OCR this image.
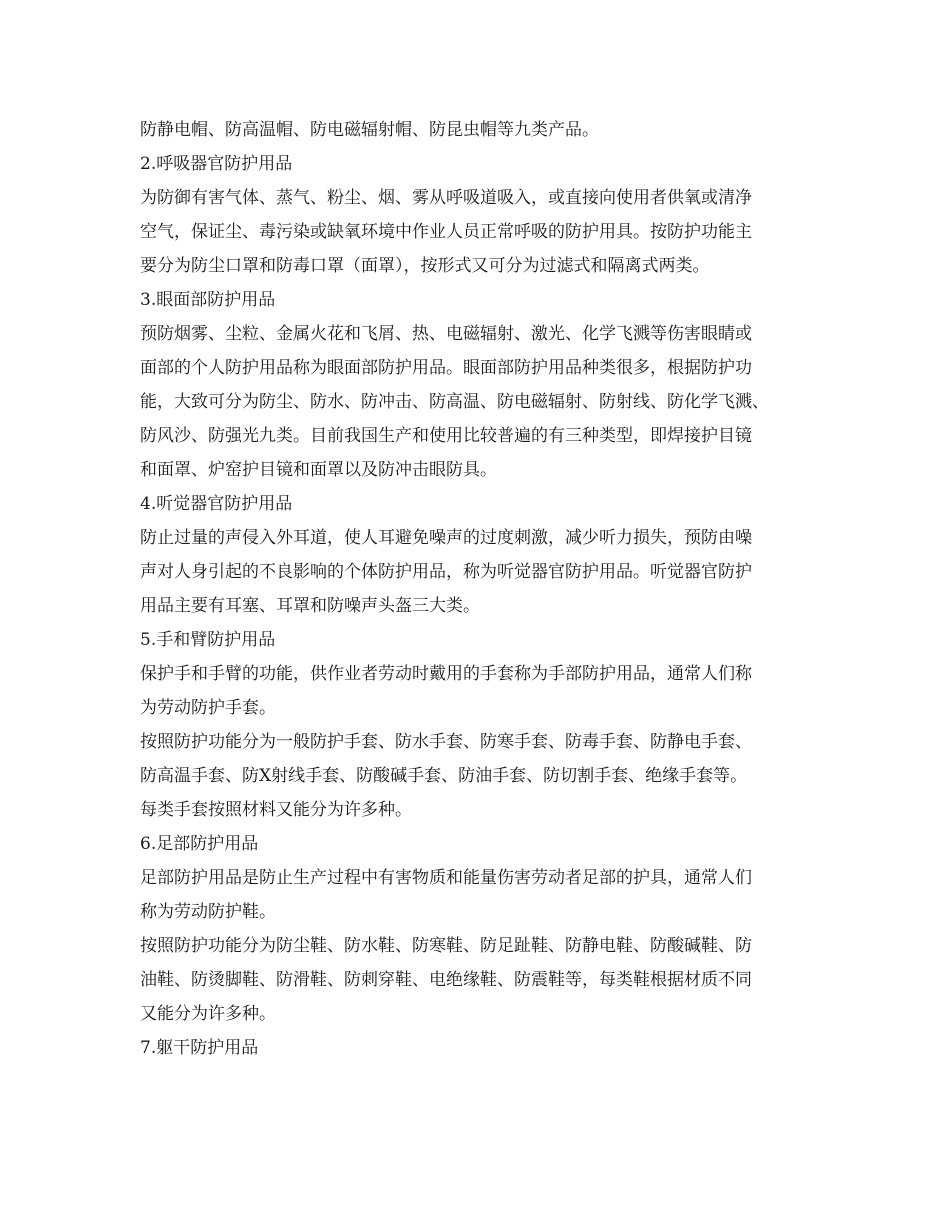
防静电帽、防高温帽、防电磁辐射帽、防昆虫帽等九类产品。
2.呼吸器官防护用品
为防御有害气体、蒸气、粉尘、烟、雾从呼吸道吸入，或直接向使用者供氧或清净
空气，保证尘、毒污染或缺氧环境中作业人员正常呼吸的防护用具。按防护功能主
要分为防尘口罩和防毒口罩（面罩），按形式又可分为过滤式和隔离式两类。
3.眼面部防护用品
预防烟雾、尘粒、金属火花和飞屑、热、电磁辐射、激光、化学飞溅等伤害眼睛或
面部的个人防护用品称为眼面部防护用品。眼面部防护用品种类很多，根据防护功
能，大致可分为防尘、防水、防冲击、防高温、防电磁辐射、防射线、防化学飞溅、
防风沙、防强光九类。目前我国生产和使用比较普遍的有三种类型，即焊接护目镜
和面罩、炉窑护目镜和面罩以及防冲击眼防具。
4.听觉器官防护用品
防止过量的声侵入外耳道，使人耳避免噪声的过度刺激，减少听力损失，预防由噪
声对人身引起的不良影响的个体防护用品，称为听觉器官防护用品。听觉器官防护
用品主要有耳塞、耳罩和防噪声头盔三大类。
5.手和臂防护用品
保护手和手臂的功能，供作业者劳动时戴用的手套称为手部防护用品，通常人们称
为劳动防护手套。
按照防护功能分为一般防护手套、防水手套、防寒手套、防毒手套、防静电手套、
防高温手套、防X射线手套、防酸碱手套、防油手套、防切割手套、绝缘手套等。
每类手套按照材料又能分为许多种。
6.足部防护用品
足部防护用品是防止生产过程中有害物质和能量伤害劳动者足部的护具，通常人们
称为劳动防护鞋。
按照防护功能分为防尘鞋、防水鞋、防寒鞋、防足趾鞋、防静电鞋、防酸碱鞋、防
油鞋、防烫脚鞋、防滑鞋、防刺穿鞋、电绝缘鞋、防震鞋等，每类鞋根据材质不同
又能分为许多种。
7.躯干防护用品
